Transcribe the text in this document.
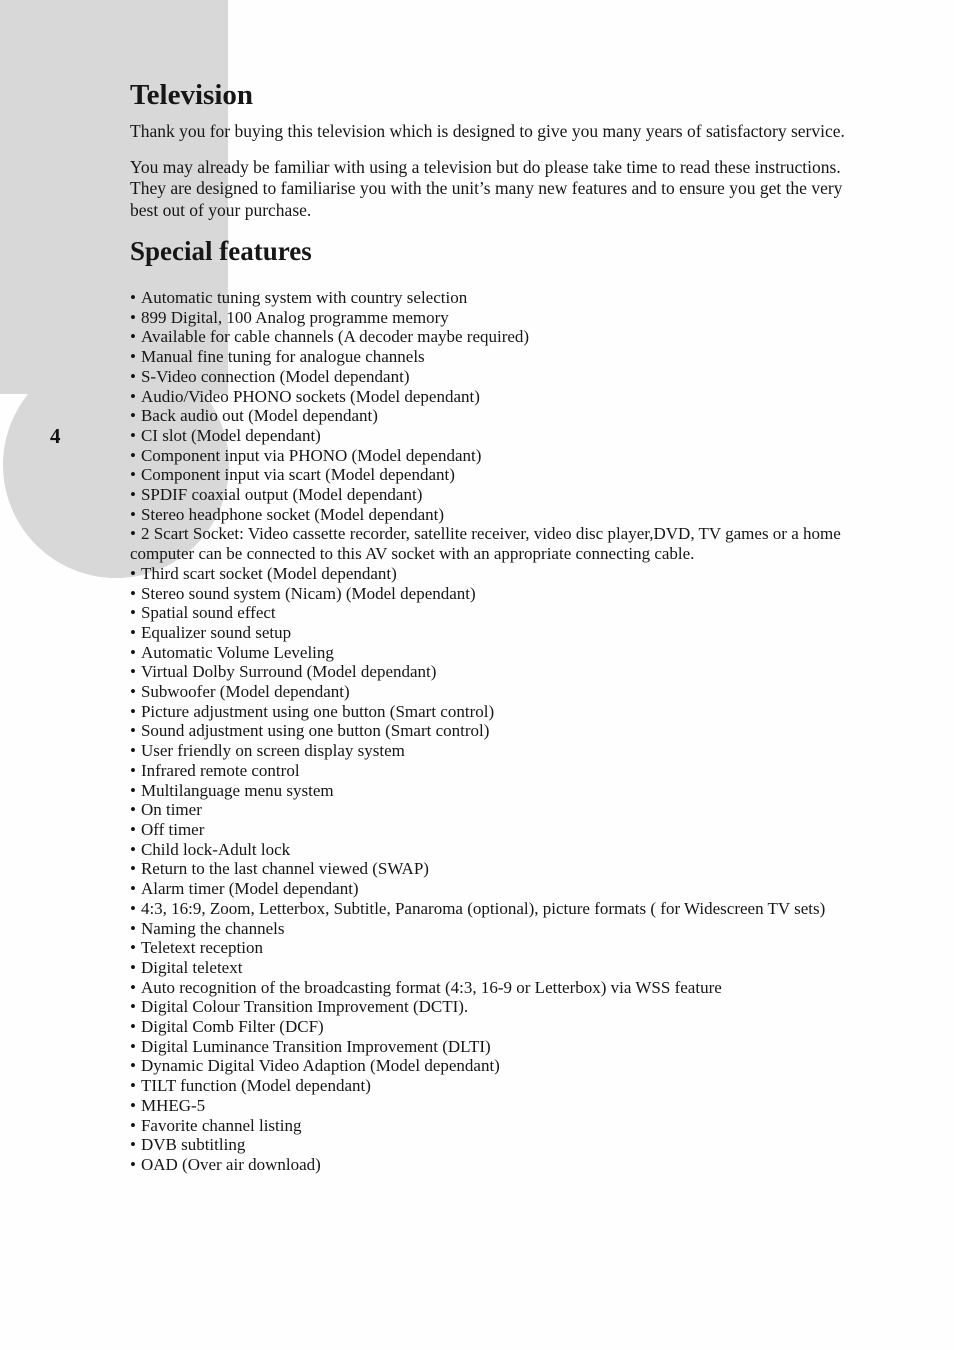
4
Television

Thank you for buying this television which is designed to give you many years of satisfactory service.

You may already be familiar with using a television but do please take time to read these instructions. They are designed to familiarise you with the unit’s many new features and to ensure you get the very best out of your purchase.

Special features
• Automatic tuning system with country selection
• 899 Digital, 100 Analog programme memory
• Available for cable channels (A decoder maybe required)
• Manual fine tuning for analogue channels
• S-Video connection (Model dependant)
• Audio/Video PHONO sockets (Model dependant)
• Back audio out (Model dependant)
• CI slot (Model dependant)
• Component input via PHONO (Model dependant)
• Component input via scart (Model dependant)
• SPDIF coaxial output (Model dependant)
• Stereo headphone socket (Model dependant)
• 2 Scart Socket: Video cassette recorder, satellite receiver, video disc player,DVD, TV games or a home computer can be connected to this AV socket with an appropriate connecting cable.
• Third scart socket (Model dependant)
• Stereo sound system (Nicam) (Model dependant)
• Spatial sound effect
• Equalizer sound setup
• Automatic Volume Leveling
• Virtual Dolby Surround (Model dependant)
• Subwoofer (Model dependant)
• Picture adjustment using one button (Smart control)
• Sound adjustment using one button (Smart control)
• User friendly on screen display system
• Infrared remote control
• Multilanguage menu system
• On timer
• Off timer
• Child lock-Adult lock
• Return to the last channel viewed (SWAP)
• Alarm timer (Model dependant)
• 4:3, 16:9, Zoom, Letterbox, Subtitle, Panaroma (optional), picture formats ( for Widescreen TV sets)
• Naming the channels
• Teletext reception
• Digital teletext
• Auto recognition of the broadcasting format (4:3, 16-9 or Letterbox) via WSS feature
• Digital Colour Transition Improvement (DCTI).
• Digital Comb Filter (DCF)
• Digital Luminance Transition Improvement (DLTI)
• Dynamic Digital Video Adaption (Model dependant)
• TILT function (Model dependant)
• MHEG-5
• Favorite channel listing
• DVB subtitling
• OAD (Over air download)
